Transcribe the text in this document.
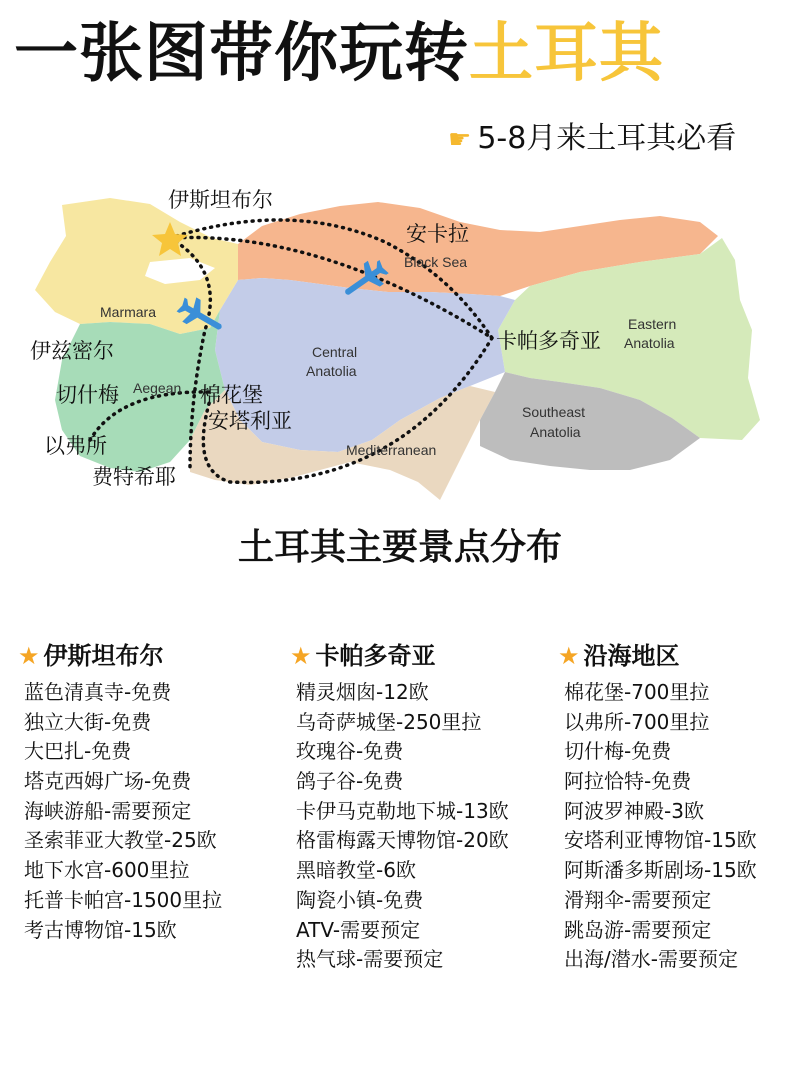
一张图带你玩转土耳其
☛ 5-8月来土耳其必看
Marmara
Black Sea
Central
Anatolia
Aegean
Mediterranean
Eastern
Anatolia
Southeast
Anatolia
伊斯坦布尔
安卡拉
卡帕多奇亚
伊兹密尔
切什梅
以弗所
费特希耶
棉花堡
安塔利亚
土耳其主要景点分布
★ 伊斯坦布尔
蓝色清真寺-免费
独立大街-免费
大巴扎-免费
塔克西姆广场-免费
海峡游船-需要预定
圣索菲亚大教堂-25欧
地下水宫-600里拉
托普卡帕宫-1500里拉
考古博物馆-15欧
★ 卡帕多奇亚
精灵烟囱-12欧
乌奇萨城堡-250里拉
玫瑰谷-免费
鸽子谷-免费
卡伊马克勒地下城-13欧
格雷梅露天博物馆-20欧
黑暗教堂-6欧
陶瓷小镇-免费
ATV-需要预定
热气球-需要预定
★ 沿海地区
棉花堡-700里拉
以弗所-700里拉
切什梅-免费
阿拉恰特-免费
阿波罗神殿-3欧
安塔利亚博物馆-15欧
阿斯潘多斯剧场-15欧
滑翔伞-需要预定
跳岛游-需要预定
出海/潜水-需要预定
